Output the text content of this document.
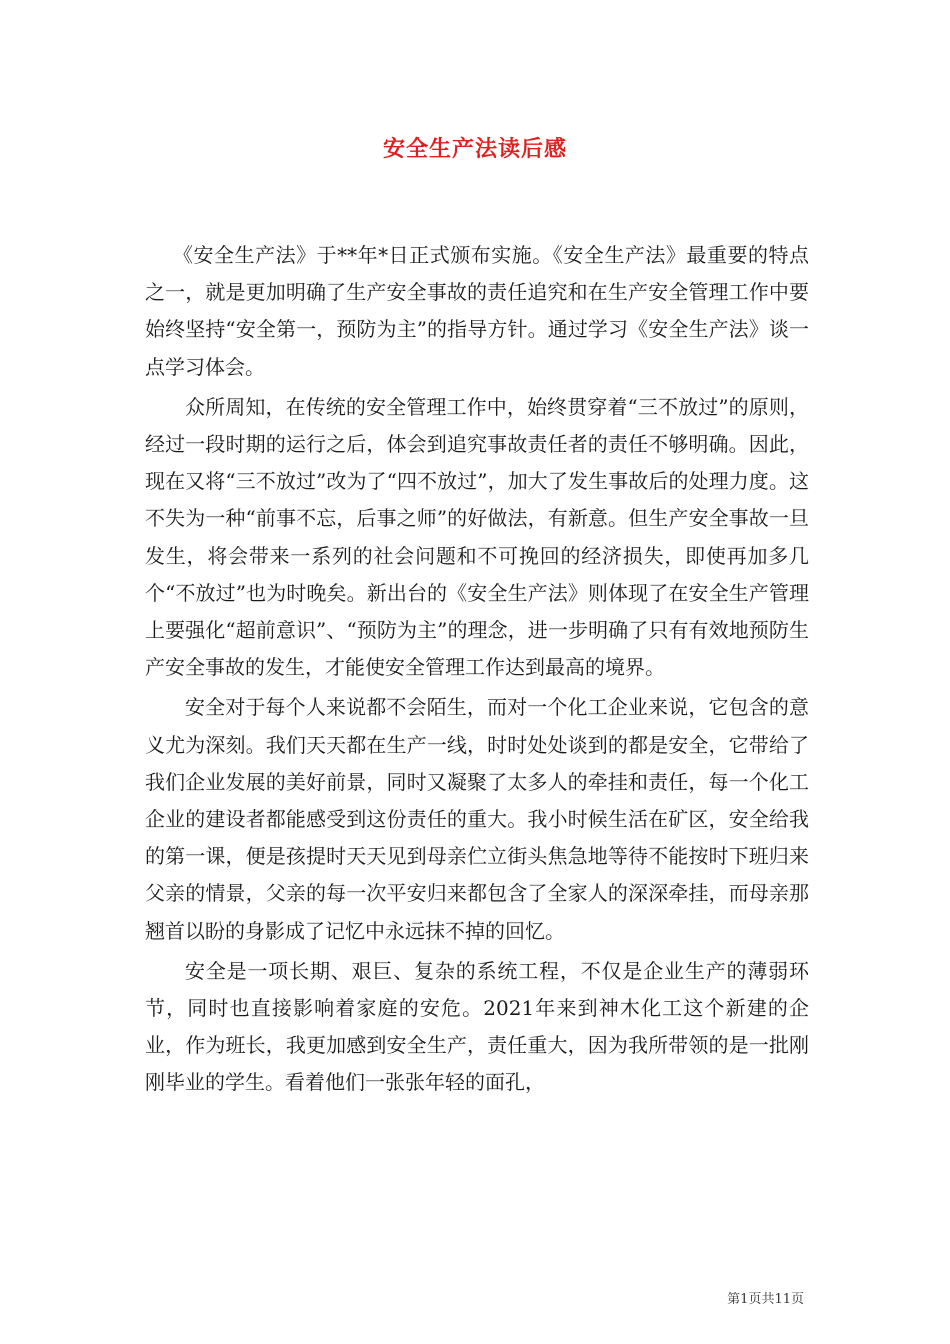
安全生产法读后感

《安全生产法》于**年*日正式颁布实施。《安全生产法》最重要的特点之一，就是更加明确了生产安全事故的责任追究和在生产安全管理工作中要始终坚持“安全第一，预防为主”的指导方针。通过学习《安全生产法》谈一点学习体会。

众所周知，在传统的安全管理工作中，始终贯穿着“三不放过”的原则，经过一段时期的运行之后，体会到追究事故责任者的责任不够明确。因此，现在又将“三不放过”改为了“四不放过”，加大了发生事故后的处理力度。这不失为一种“前事不忘，后事之师”的好做法，有新意。但生产安全事故一旦发生，将会带来一系列的社会问题和不可挽回的经济损失，即使再加多几个“不放过”也为时晚矣。新出台的《安全生产法》则体现了在安全生产管理上要强化“超前意识”、“预防为主”的理念，进一步明确了只有有效地预防生产安全事故的发生，才能使安全管理工作达到最高的境界。

安全对于每个人来说都不会陌生，而对一个化工企业来说，它包含的意义尤为深刻。我们天天都在生产一线，时时处处谈到的都是安全，它带给了我们企业发展的美好前景，同时又凝聚了太多人的牵挂和责任，每一个化工企业的建设者都能感受到这份责任的重大。我小时候生活在矿区，安全给我的第一课，便是孩提时天天见到母亲伫立街头焦急地等待不能按时下班归来父亲的情景，父亲的每一次平安归来都包含了全家人的深深牵挂，而母亲那翘首以盼的身影成了记忆中永远抹不掉的回忆。

安全是一项长期、艰巨、复杂的系统工程，不仅是企业生产的薄弱环节，同时也直接影响着家庭的安危。2021年来到神木化工这个新建的企业，作为班长，我更加感到安全生产，责任重大，因为我所带领的是一批刚刚毕业的学生。看着他们一张张年轻的面孔，

第1页共11页
